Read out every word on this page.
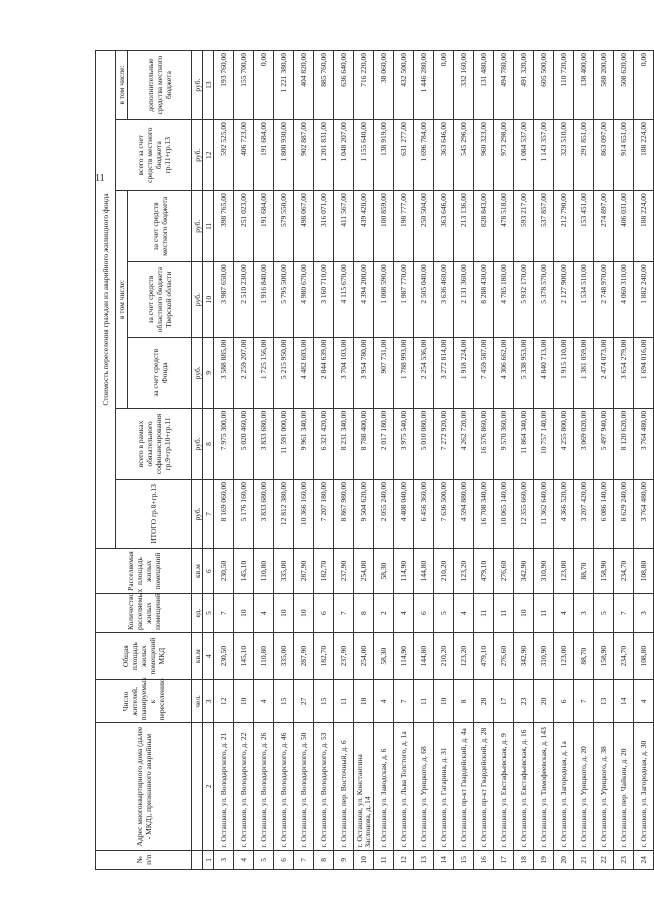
11
№ п/п	Адрес многоквартирного дома (далее - МКД), признанного аварийным	Число жителей, планируемых к переселению	Общая площадь жилых помещений МКД	Количество расселяемых жилых помещений	Расселяемая площадь жилых помещений	Стоимость переселения граждан из аварийного жилищного фонда						
						ИТОГО гр.8+гр.13	всего в рамках обязательного софинансирования гр.9+гр.10+гр.11	в том числе:			всего за счет средств местного бюджета гр.11+гр.13	в том числе:
								за счет средств Фонда	за счет средств областного бюджета Тверской области	за счет средств местного бюджета		дополнительные средства местного бюджета

		чел.	кв.м	ед.	кв.м	руб.	руб.	руб.	руб.	руб.	руб.	руб.
1	2	3	4	5	6	7	8	9	10	11	12	13
3	г. Осташков, ул. Володарского, д. 21	12	230,50	7	230,50	8 169 060,00	7 975 300,00	3 588 885,00	3 987 650,00	398 765,00	592 525,00	193 760,00
4	г. Осташков, ул. Володарского, д. 22	10	145,10	10	145,10	5 176 160,00	5 020 460,00	2 259 207,00	2 510 230,00	251 023,00	406 723,00	155 700,00
5	г. Осташков, ул. Володарского, д. 26	4	110,80	4	110,80	3 833 680,00	3 833 680,00	1 725 156,00	1 916 840,00	191 684,00	191 684,00	0,00
6	г. Осташков, ул. Володарского, д. 46	15	335,00	10	335,00	12 812 380,00	11 591 000,00	5 215 950,00	5 795 500,00	579 550,00	1 800 930,00	1 221 380,00
7	г. Осташков, ул. Володарского, д. 50	27	287,90	10	287,90	10 366 160,00	9 961 340,00	4 482 603,00	4 980 670,00	498 067,00	902 887,00	404 820,00
8	г. Осташков, ул. Володарского, д. 53	15	182,70	6	182,70	7 207 180,00	6 321 420,00	2 844 639,00	3 160 710,00	316 071,00	1 201 831,00	885 760,00
9	г. Осташков, пер. Восточный, д. 6	11	237,90	7	237,90	8 867 980,00	8 231 340,00	3 704 103,00	4 115 670,00	411 567,00	1 048 207,00	636 640,00
10	г. Осташков, ул. Константина Заслонова, д. 14	18	254,00	8	254,00	9 504 620,00	8 788 400,00	3 954 780,00	4 394 200,00	439 420,00	1 155 640,00	716 220,00
11	г. Осташков, ул. Заводская, д. 6	4	58,30	2	58,30	2 055 240,00	2 017 180,00	907 731,00	1 008 590,00	100 859,00	138 919,00	38 060,00
12	г. Осташков, ул. Льва Толстого, д. 1а	7	114,90	4	114,90	4 408 040,00	3 975 540,00	1 788 993,00	1 987 770,00	198 777,00	631 277,00	432 500,00
13	г. Осташков, ул. Урицкого, д. 68	11	144,80	6	144,80	6 456 360,00	5 010 080,00	2 254 536,00	2 505 040,00	250 504,00	1 696 784,00	1 446 280,00
14	г. Осташков, ул. Гагарина, д. 31	10	210,20	5	210,20	7 636 500,00	7 272 920,00	3 272 814,00	3 636 460,00	363 646,00	363 646,00	0,00
15	г. Осташков, пр-кт Гвардейский, д. 4а	8	123,20	4	123,20	4 594 880,00	4 262 720,00	1 918 224,00	2 131 360,00	213 136,00	545 296,00	332 160,00
16	г. Осташков, пр-кт Гвардейский, д. 28	28	479,10	11	479,10	16 708 340,00	16 576 860,00	7 459 587,00	8 288 430,00	828 843,00	960 323,00	131 480,00
17	г. Осташков, ул. Евстафьевская, д. 9	17	276,60	11	276,60	10 065 140,00	9 570 360,00	4 306 662,00	4 785 180,00	478 518,00	973 298,00	494 780,00
18	г. Осташков, ул. Евстафьевская, д. 16	23	342,90	10	342,90	12 355 660,00	11 864 340,00	5 338 953,00	5 932 170,00	593 217,00	1 084 537,00	491 320,00
19	г. Осташков, ул. Тимофеевская, д. 143	20	310,90	11	310,90	11 362 640,00	10 757 140,00	4 840 713,00	5 378 570,00	537 857,00	1 143 357,00	605 500,00
20	г. Осташков, ул. Загородная, д. 1а	6	123,00	4	123,00	4 366 520,00	4 255 800,00	1 915 110,00	2 127 900,00	212 790,00	323 510,00	110 720,00
21	г. Осташков, ул. Урицкого, д. 20	7	88,70	3	88,70	3 207 420,00	3 069 020,00	1 381 059,00	1 534 510,00	153 451,00	291 851,00	138 400,00
22	г. Осташков, ул. Урицкого, д. 38	13	158,90	5	158,90	6 086 140,00	5 497 940,00	2 474 073,00	2 748 970,00	274 897,00	863 097,00	588 200,00
23	г. Осташков, пер. Чайкин, д. 20	14	234,70	7	234,70	8 629 240,00	8 120 620,00	3 654 279,00	4 060 310,00	406 031,00	914 651,00	508 620,00
24	г. Осташков, ул. Загородная, д. 30	4	108,80	3	108,80	3 764 480,00	3 764 480,00	1 694 016,00	1 882 240,00	188 224,00	188 224,00	0,00
